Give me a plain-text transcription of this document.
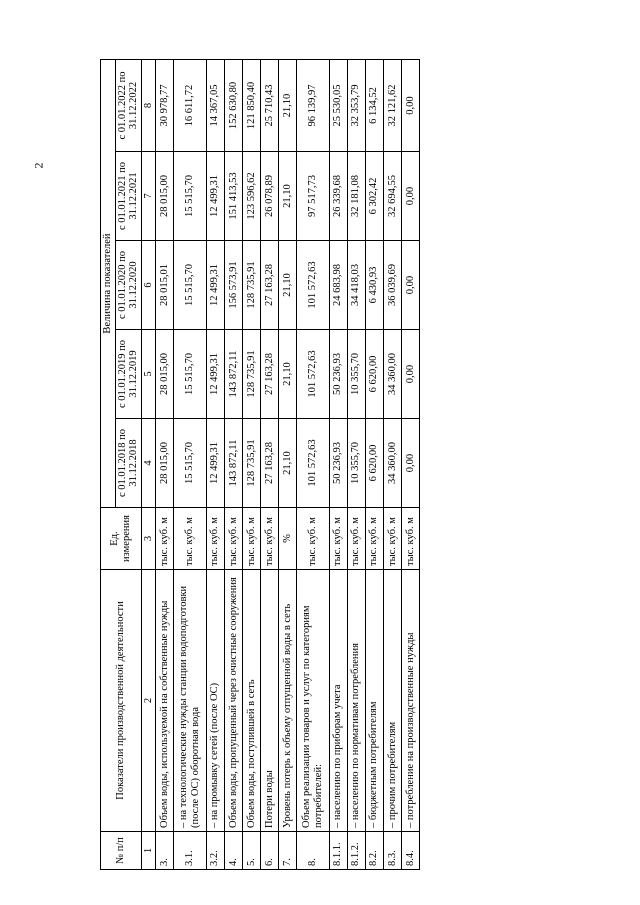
2
№ п/п	Показатели производственной деятельности	Ед. измерения	Величина показателей				
			с 01.01.2018 по 31.12.2018	с 01.01.2019 по 31.12.2019	с 01.01.2020 по 31.12.2020	с 01.01.2021 по 31.12.2021	с 01.01.2022 по 31.12.2022
1	2	3	4	5	6	7	8
3.	Объем воды, используемой на собственные нужды	тыс. куб. м	28 015,00	28 015,00	28 015,01	28 015,00	30 978,77
3.1.	– на технологические нужды станции водоподготовки (после ОС) оборотная вода	тыс. куб. м	15 515,70	15 515,70	15 515,70	15 515,70	16 611,72
3.2.	– на промывку сетей (после ОС)	тыс. куб. м	12 499,31	12 499,31	12 499,31	12 499,31	14 367,05
4.	Объем воды, пропущенный через очистные сооружения	тыс. куб. м	143 872,11	143 872,11	156 573,91	151 413,53	152 630,80
5.	Объем воды, поступившей в сеть	тыс. куб. м	128 735,91	128 735,91	128 735,91	123 596,62	121 850,40
6.	Потери воды	тыс. куб. м	27 163,28	27 163,28	27 163,28	26 078,89	25 710,43
7.	Уровень потерь к объему отпущенной воды в сеть	%	21,10	21,10	21,10	21,10	21,10
8.	Объем реализации товаров и услуг по категориям потребителей:	тыс. куб. м	101 572,63	101 572,63	101 572,63	97 517,73	96 139,97
8.1.1.	– населению по приборам учета	тыс. куб. м	50 236,93	50 236,93	24 683,98	26 339,68	25 530,05
8.1.2.	– населению по нормативам потребления	тыс. куб. м	10 355,70	10 355,70	34 418,03	32 181,08	32 353,79
8.2.	– бюджетным потребителям	тыс. куб. м	6 620,00	6 620,00	6 430,93	6 302,42	6 134,52
8.3.	– прочим потребителям	тыс. куб. м	34 360,00	34 360,00	36 039,69	32 694,55	32 121,62
8.4.	– потребление на производственные нужды	тыс. куб. м	0,00	0,00	0,00	0,00	0,00
